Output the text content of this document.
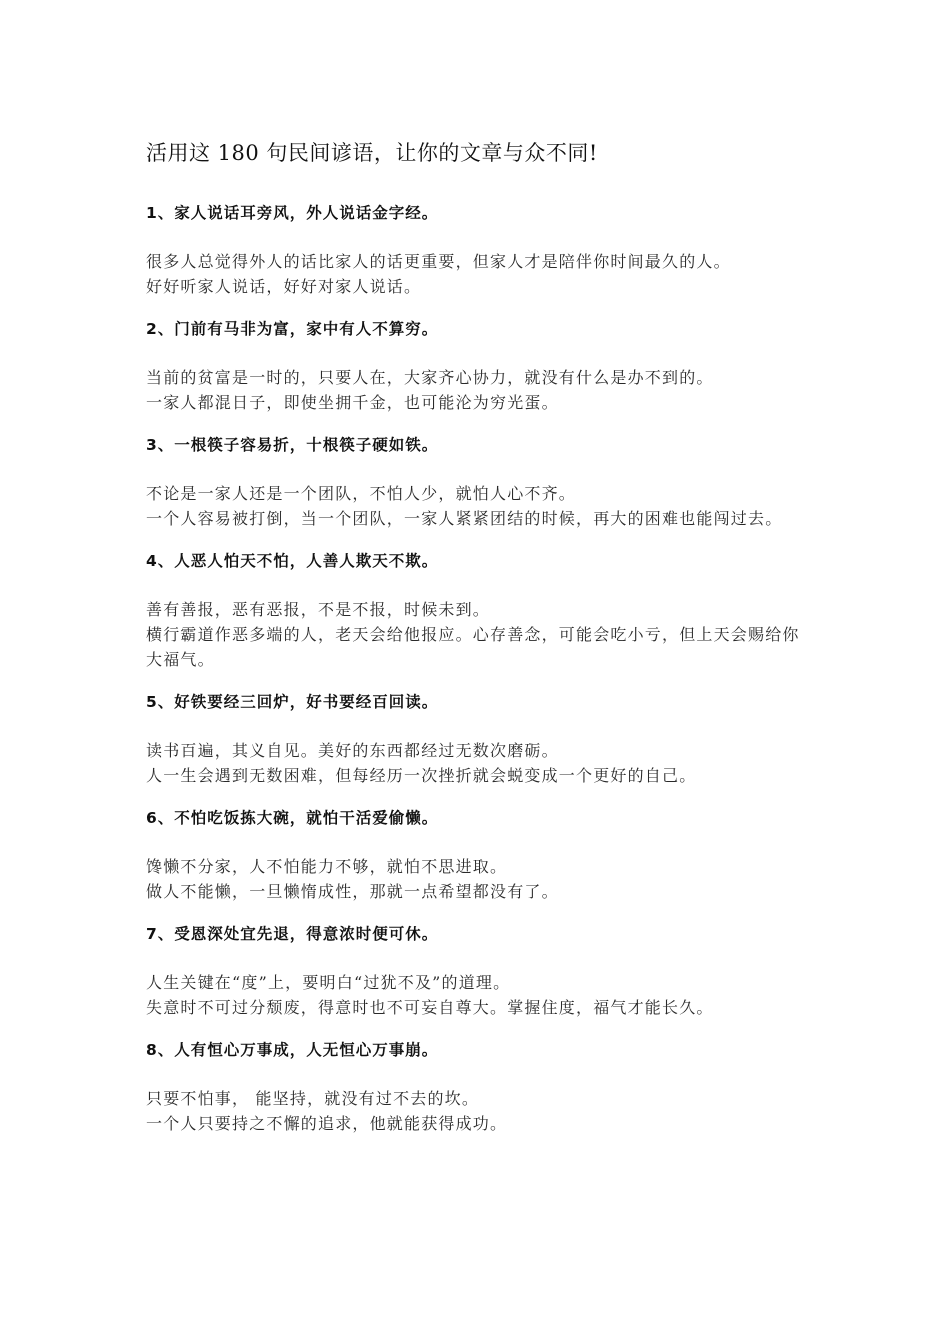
活用这 180 句民间谚语，让你的文章与众不同!
1、家人说话耳旁风，外人说话金字经。
很多人总觉得外人的话比家人的话更重要，但家人才是陪伴你时间最久的人。
好好听家人说话，好好对家人说话。
2、门前有马非为富，家中有人不算穷。
当前的贫富是一时的，只要人在，大家齐心协力，就没有什么是办不到的。
一家人都混日子，即使坐拥千金，也可能沦为穷光蛋。
3、一根筷子容易折，十根筷子硬如铁。
不论是一家人还是一个团队，不怕人少，就怕人心不齐。
一个人容易被打倒，当一个团队，一家人紧紧团结的时候，再大的困难也能闯过去。
4、人恶人怕天不怕，人善人欺天不欺。
善有善报，恶有恶报，不是不报，时候未到。
横行霸道作恶多端的人，老天会给他报应。心存善念，可能会吃小亏，但上天会赐给你大福气。
5、好铁要经三回炉，好书要经百回读。
读书百遍，其义自见。美好的东西都经过无数次磨砺。
人一生会遇到无数困难，但每经历一次挫折就会蜕变成一个更好的自己。
6、不怕吃饭拣大碗，就怕干活爱偷懒。
馋懒不分家，人不怕能力不够，就怕不思进取。
做人不能懒，一旦懒惰成性，那就一点希望都没有了。
7、受恩深处宜先退，得意浓时便可休。
人生关键在“度”上，要明白“过犹不及”的道理。
失意时不可过分颓废，得意时也不可妄自尊大。掌握住度，福气才能长久。
8、人有恒心万事成，人无恒心万事崩。
只要不怕事， 能坚持，就没有过不去的坎。
一个人只要持之不懈的追求，他就能获得成功。
